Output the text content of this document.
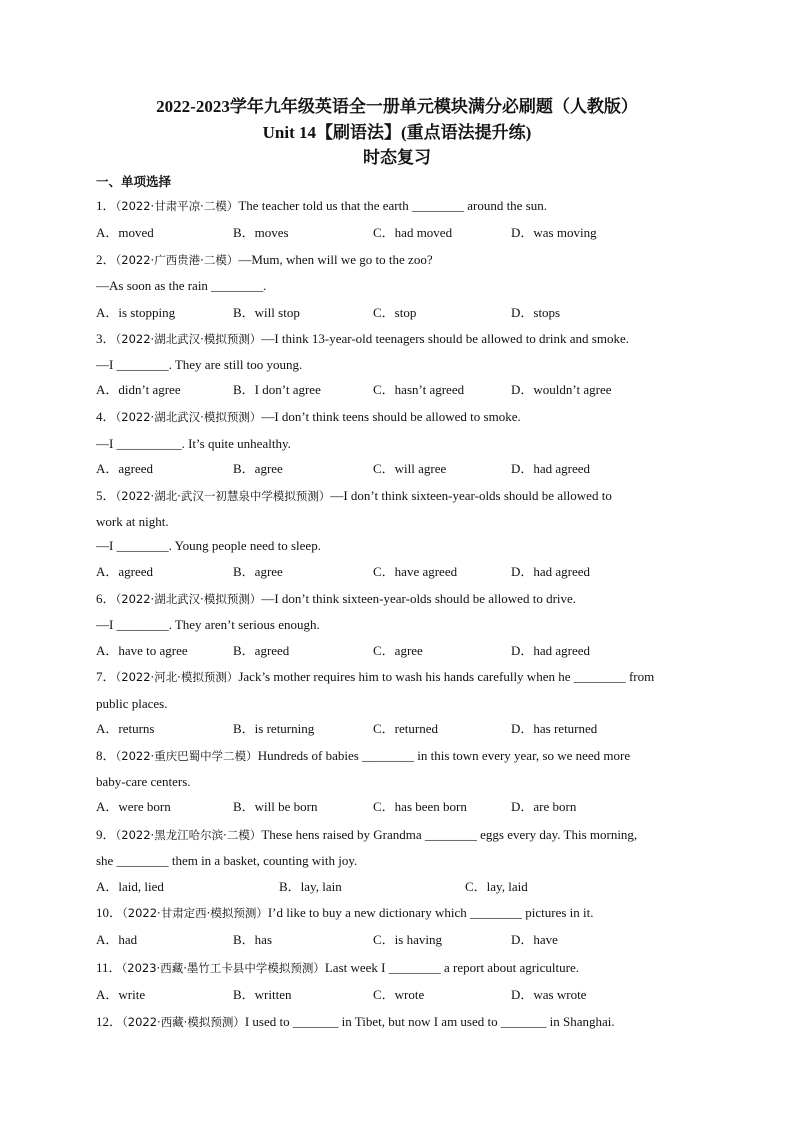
2022-2023学年九年级英语全一册单元模块满分必刷题（人教版）
Unit 14【刷语法】(重点语法提升练)
时态复习
一、单项选择
1．（2022·甘肃平凉·二模）The teacher told us that the earth ________ around the sun.
A．moved	B．moves	C．had moved	D．was moving
2．（2022·广西贵港·二模）—Mum, when will we go to the zoo?
—As soon as the rain ________.
A．is stopping	B．will stop	C．stop	D．stops
3．（2022·湖北武汉·模拟预测）—I think 13-year-old teenagers should be allowed to drink and smoke.
—I ________. They are still too young.
A．didn’t agree	B．I don’t agree	C．hasn’t agreed	D．wouldn’t agree
4．（2022·湖北武汉·模拟预测）—I don’t think teens should be allowed to smoke.
—I __________. It’s quite unhealthy.
A．agreed	B．agree	C．will agree	D．had agreed
5．（2022·湖北·武汉一初慧泉中学模拟预测）—I don’t think sixteen-year-olds should be allowed to
work at night.
—I ________. Young people need to sleep.
A．agreed	B．agree	C．have agreed	D．had agreed
6．（2022·湖北武汉·模拟预测）—I don’t think sixteen-year-olds should be allowed to drive.
—I ________. They aren’t serious enough.
A．have to agree	B．agreed	C．agree	D．had agreed
7．（2022·河北·模拟预测）Jack’s mother requires him to wash his hands carefully when he ________ from
public places.
A．returns	B．is returning	C．returned	D．has returned
8．（2022·重庆巴蜀中学二模）Hundreds of babies ________ in this town every year, so we need more
baby-care centers.
A．were born	B．will be born	C．has been born	D．are born
9．（2022·黑龙江哈尔滨·二模）These hens raised by Grandma ________ eggs every day. This morning,
she ________ them in a basket, counting with joy.
A．laid, lied	B．lay, lain	C．lay, laid
10．（2022·甘肃定西·模拟预测）I’d like to buy a new dictionary which ________ pictures in it.
A．had	B．has	C．is having	D．have
11．（2023·西藏·墨竹工卡县中学模拟预测）Last week I ________ a report about agriculture.
A．write	B．written	C．wrote	D．was wrote
12．（2022·西藏·模拟预测）I used to _______ in Tibet, but now I am used to _______ in Shanghai.
